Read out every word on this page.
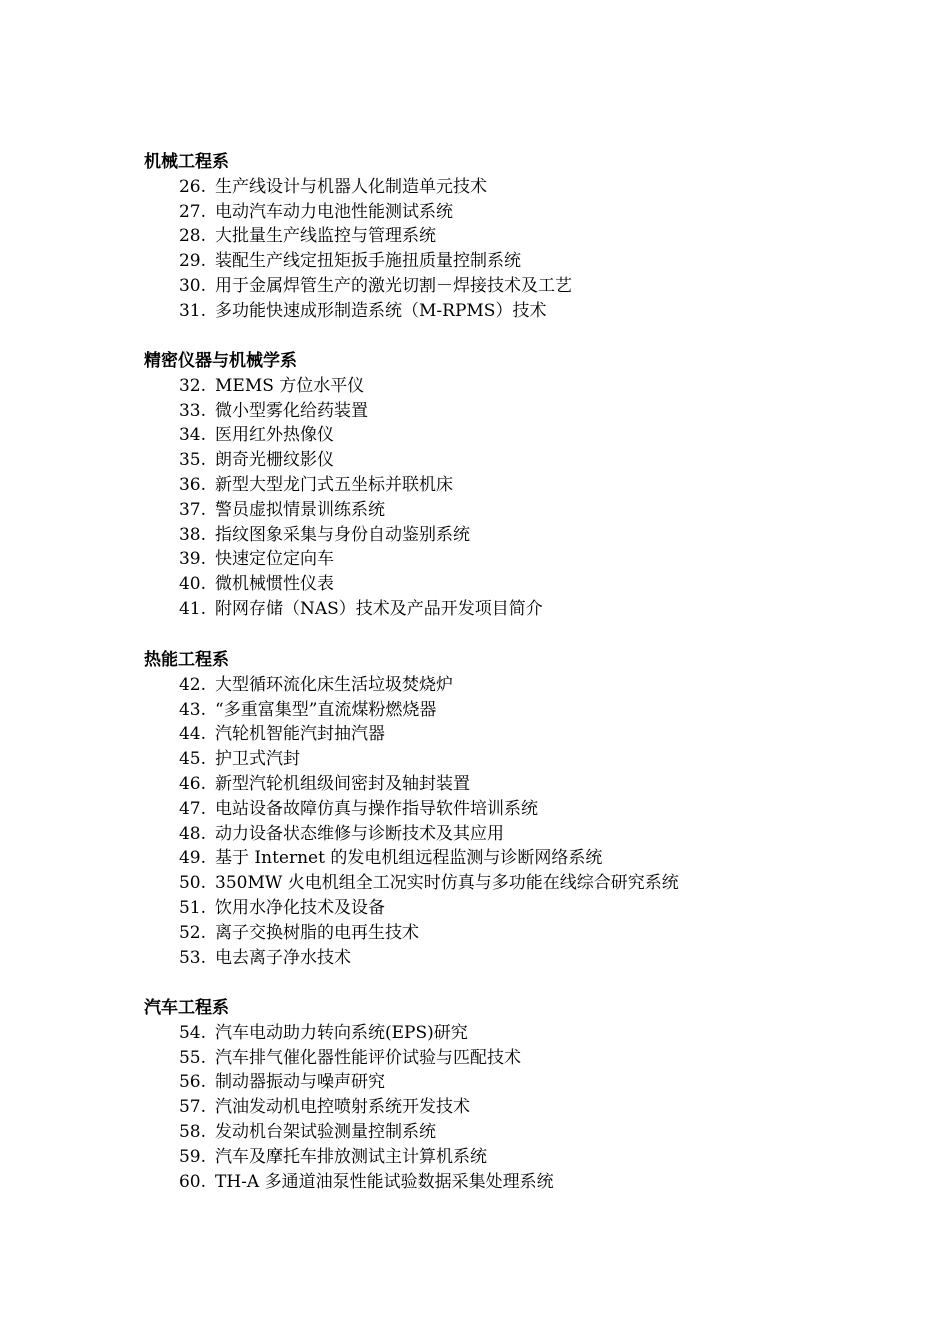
机械工程系
26. 生产线设计与机器人化制造单元技术
27. 电动汽车动力电池性能测试系统
28. 大批量生产线监控与管理系统
29. 装配生产线定扭矩扳手施扭质量控制系统
30. 用于金属焊管生产的激光切割－焊接技术及工艺
31. 多功能快速成形制造系统（M-RPMS）技术
精密仪器与机械学系
32. MEMS 方位水平仪
33. 微小型雾化给药装置
34. 医用红外热像仪
35. 朗奇光栅纹影仪
36. 新型大型龙门式五坐标并联机床
37. 警员虚拟情景训练系统
38. 指纹图象采集与身份自动鉴别系统
39. 快速定位定向车
40. 微机械惯性仪表
41. 附网存储（NAS）技术及产品开发项目简介
热能工程系
42. 大型循环流化床生活垃圾焚烧炉
43. “多重富集型”直流煤粉燃烧器
44. 汽轮机智能汽封抽汽器
45. 护卫式汽封
46. 新型汽轮机组级间密封及轴封装置
47. 电站设备故障仿真与操作指导软件培训系统
48. 动力设备状态维修与诊断技术及其应用
49. 基于 Internet 的发电机组远程监测与诊断网络系统
50. 350MW 火电机组全工况实时仿真与多功能在线综合研究系统
51. 饮用水净化技术及设备
52. 离子交换树脂的电再生技术
53. 电去离子净水技术
汽车工程系
54. 汽车电动助力转向系统(EPS)研究
55. 汽车排气催化器性能评价试验与匹配技术
56. 制动器振动与噪声研究
57. 汽油发动机电控喷射系统开发技术
58. 发动机台架试验测量控制系统
59. 汽车及摩托车排放测试主计算机系统
60. TH-A 多通道油泵性能试验数据采集处理系统
